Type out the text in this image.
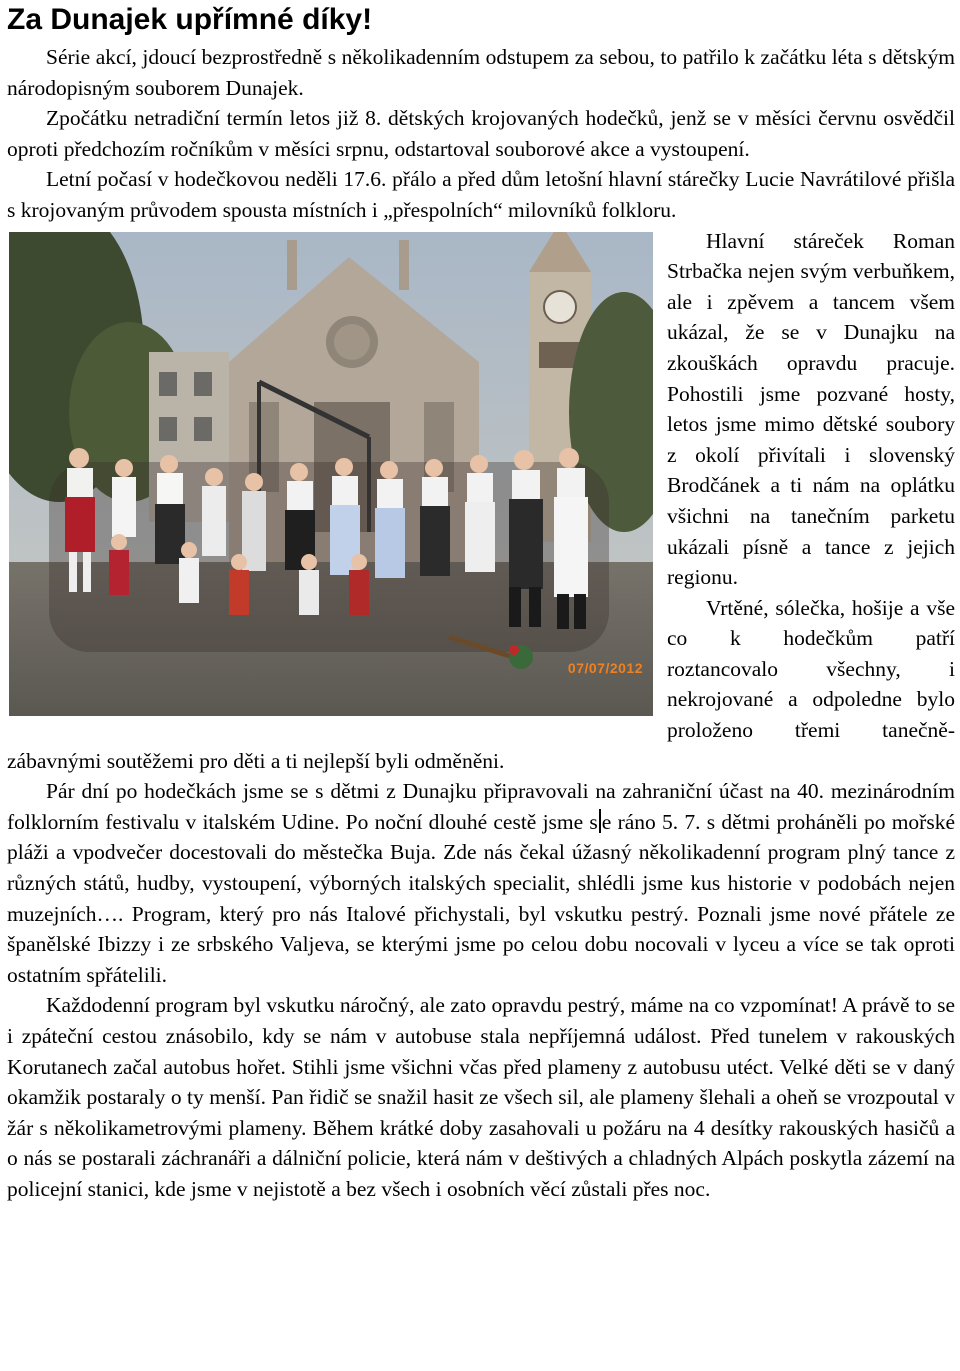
Za Dunajek upřímné díky!

Série akcí, jdoucí bezprostředně s několikadenním odstupem za sebou, to patřilo k začátku léta s dětským národopisným souborem Dunajek.

Zpočátku netradiční termín letos již 8. dětských krojovaných hodečků, jenž se v měsíci červnu osvědčil oproti předchozím ročníkům v měsíci srpnu, odstartoval souborové akce a vystoupení.

Letní počasí v hodečkovou neděli 17.6. přálo a před dům letošní hlavní stárečky Lucie Navrátilové přišla s krojovaným průvodem spousta místních i „přespolních“ milovníků folkloru.

07/07/2012

Hlavní stáreček Roman Strbačka nejen svým verbuňkem, ale i zpěvem a tancem všem ukázal, že se v Dunajku na zkouškách opravdu pracuje. Pohostili jsme pozvané hosty, letos jsme mimo dětské soubory z okolí přivítali i slovenský Brodčánek a ti nám na oplátku všichni na tanečním parketu ukázali písně a tance z jejich regionu.

Vrtěné, sólečka, hošije a vše co k hodečkům patří roztancovalo všechny, i nekrojované a odpoledne bylo proloženo třemi tanečně-zábavnými soutěžemi pro děti a ti nejlepší byli odměněni.

Pár dní po hodečkách jsme se s dětmi z Dunajku připravovali na zahraniční účast na 40. mezinárodním folklorním festivalu v italském Udine. Po noční dlouhé cestě jsme s e ráno 5. 7. s dětmi proháněli po mořské pláži a vpodvečer docestovali do městečka Buja. Zde nás čekal úžasný několikadenní program plný tance z různých států, hudby, vystoupení, výborných italských specialit, shlédli jsme kus historie v podobách nejen muzejních…. Program, který pro nás Italové přichystali, byl vskutku pestrý. Poznali jsme nové přátele ze španělské Ibizzy i ze srbského Valjeva, se kterými jsme po celou dobu nocovali v lyceu a více se tak oproti ostatním spřátelili.

Každodenní program byl vskutku náročný, ale zato opravdu pestrý, máme na co vzpomínat! A právě to se i zpáteční cestou znásobilo, kdy se nám v autobuse stala nepříjemná událost. Před tunelem v rakouských Korutanech začal autobus hořet. Stihli jsme všichni včas před plameny z autobusu utéct. Velké děti se v daný okamžik postaraly o ty menší. Pan řidič se snažil hasit ze všech sil, ale plameny šlehali a oheň se vrozpoutal v žár s několikametrovými plameny. Během krátké doby zasahovali u požáru na 4 desítky rakouských hasičů a o nás se postarali záchranáři a dálniční policie, která nám v deštivých a chladných Alpách poskytla zázemí na policejní stanici, kde jsme v nejistotě a bez všech i osobních věcí zůstali přes noc.
